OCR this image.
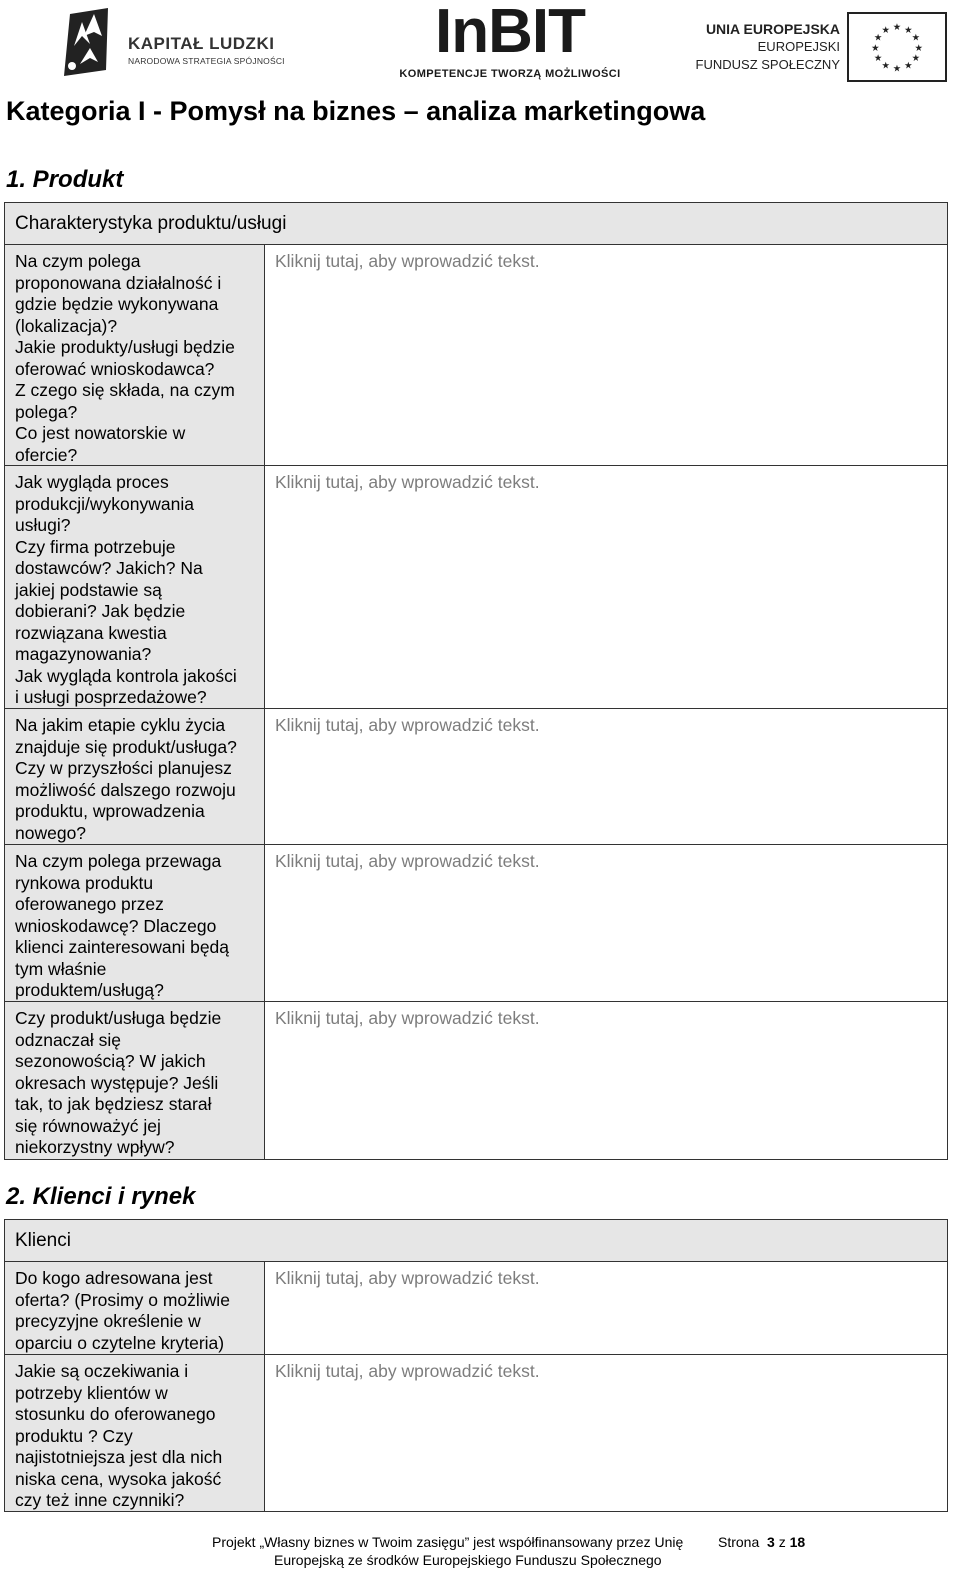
KAPITAŁ LUDZKI
NARODOWA STRATEGIA SPÓJNOŚCI	InBIT
KOMPETENCJE TWORZĄ MOŻLIWOŚCI
UNIA EUROPEJSKA
EUROPEJSKI
FUNDUSZ SPOŁECZNY
★ ★
★
★
★
★
★
★
★
★
★
★
Kategoria I - Pomysł na biznes – analiza marketingowa
1. Produkt
Charakterystyka produktu/usługi
Na czym polega
proponowana działalność i
gdzie będzie wykonywana
(lokalizacja)?
Jakie produkty/usługi będzie
oferować wnioskodawca?
Z czego się składa, na czym
polega?
Co jest nowatorskie w
ofercie?
Kliknij tutaj, aby wprowadzić tekst.
Jak wygląda proces
produkcji/wykonywania
usługi?
Czy firma potrzebuje
dostawców? Jakich? Na
jakiej podstawie są
dobierani? Jak będzie
rozwiązana kwestia
magazynowania?
Jak wygląda kontrola jakości
i usługi posprzedażowe?
Kliknij tutaj, aby wprowadzić tekst.
Na jakim etapie cyklu życia
znajduje się produkt/usługa?
Czy w przyszłości planujesz
możliwość dalszego rozwoju
produktu, wprowadzenia
nowego?
Kliknij tutaj, aby wprowadzić tekst.
Na czym polega przewaga
rynkowa produktu
oferowanego przez
wnioskodawcę? Dlaczego
klienci zainteresowani będą
tym właśnie
produktem/usługą?
Kliknij tutaj, aby wprowadzić tekst.
Czy produkt/usługa będzie
odznaczał się
sezonowością? W jakich
okresach występuje? Jeśli
tak, to jak będziesz starał
się równoważyć jej
niekorzystny wpływ?
Kliknij tutaj, aby wprowadzić tekst.
2. Klienci i rynek
Klienci
Do kogo adresowana jest
oferta? (Prosimy o możliwie
precyzyjne określenie w
oparciu o czytelne kryteria)
Kliknij tutaj, aby wprowadzić tekst.
Jakie są oczekiwania i
potrzeby klientów w
stosunku do oferowanego
produktu ? Czy
najistotniejsza jest dla nich
niska cena, wysoka jakość
czy też inne czynniki?
Kliknij tutaj, aby wprowadzić tekst.
Projekt „Własny biznes w Twoim zasięgu” jest współfinansowany przez Unię
Europejską ze środków Europejskiego Funduszu Społecznego
Strona 3 z 18
